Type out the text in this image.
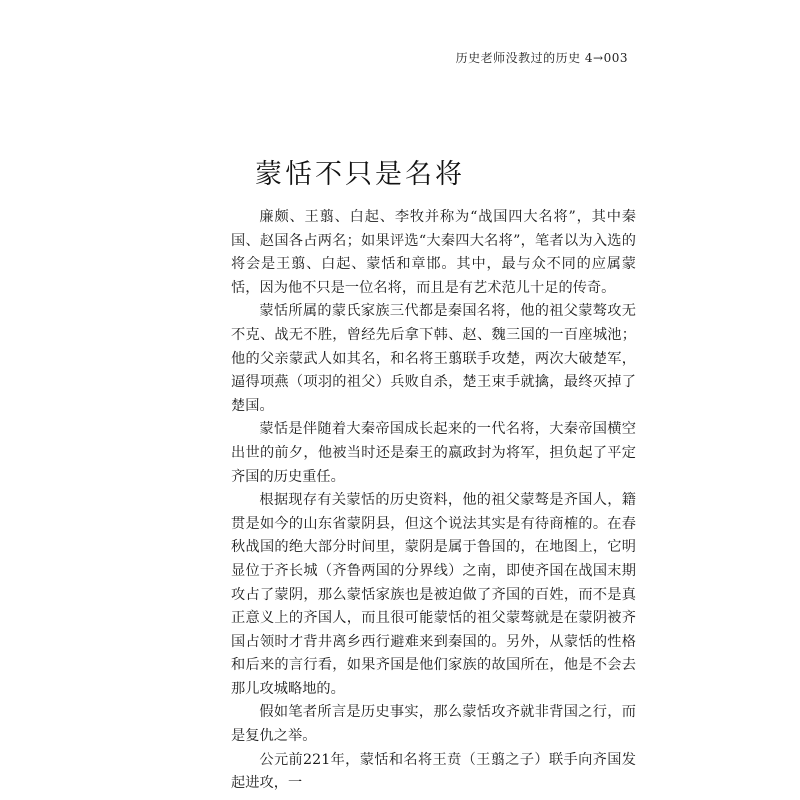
历史老师没教过的历史 4→003
蒙恬不只是名将

廉颇、王翦、白起、李牧并称为“战国四大名将”，其中秦国、赵国各占两名；如果评选“大秦四大名将”，笔者以为入选的将会是王翦、白起、蒙恬和章邯。其中，最与众不同的应属蒙恬，因为他不只是一位名将，而且是有艺术范儿十足的传奇。

蒙恬所属的蒙氏家族三代都是秦国名将，他的祖父蒙骜攻无不克、战无不胜，曾经先后拿下韩、赵、魏三国的一百座城池；他的父亲蒙武人如其名，和名将王翦联手攻楚，两次大破楚军，逼得项燕（项羽的祖父）兵败自杀，楚王束手就擒，最终灭掉了楚国。

蒙恬是伴随着大秦帝国成长起来的一代名将，大秦帝国横空出世的前夕，他被当时还是秦王的嬴政封为将军，担负起了平定齐国的历史重任。

根据现存有关蒙恬的历史资料，他的祖父蒙骜是齐国人，籍贯是如今的山东省蒙阴县，但这个说法其实是有待商榷的。在春秋战国的绝大部分时间里，蒙阴是属于鲁国的，在地图上，它明显位于齐长城（齐鲁两国的分界线）之南，即使齐国在战国末期攻占了蒙阴，那么蒙恬家族也是被迫做了齐国的百姓，而不是真正意义上的齐国人，而且很可能蒙恬的祖父蒙骜就是在蒙阴被齐国占领时才背井离乡西行避难来到秦国的。另外，从蒙恬的性格和后来的言行看，如果齐国是他们家族的故国所在，他是不会去那儿攻城略地的。

假如笔者所言是历史事实，那么蒙恬攻齐就非背国之行，而是复仇之举。

公元前221年，蒙恬和名将王贲（王翦之子）联手向齐国发起进攻，一
